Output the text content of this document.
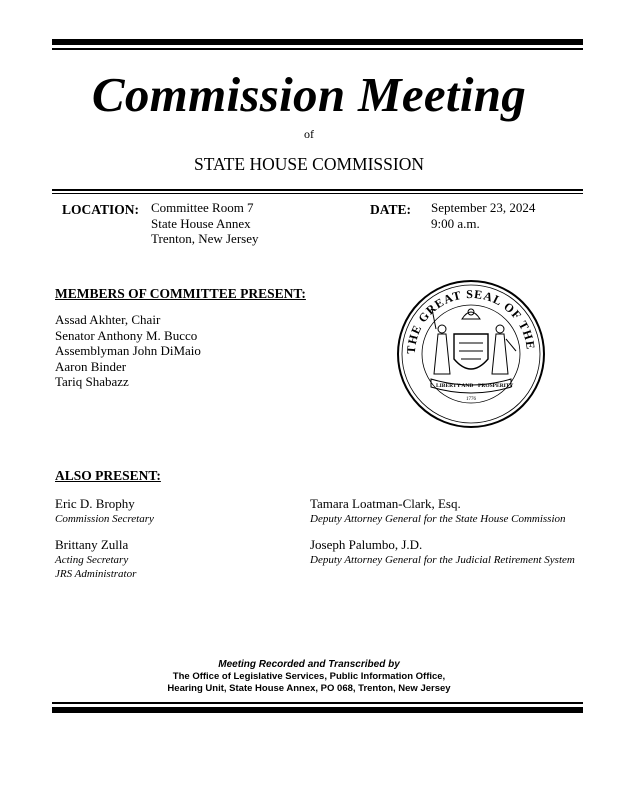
Commission Meeting
of
STATE HOUSE COMMISSION
LOCATION: Committee Room 7
State House Annex
Trenton, New Jersey
DATE: September 23, 2024
9:00 a.m.
MEMBERS OF COMMITTEE PRESENT:
Assad Akhter, Chair
Senator Anthony M. Bucco
Assemblyman John DiMaio
Aaron Binder
Tariq Shabazz
THE GREAT SEAL OF THE
LIBERTY AND PROSPERITY
1776
ALSO PRESENT:
Eric D. Brophy
Commission Secretary
Brittany Zulla
Acting Secretary
JRS Administrator
Tamara Loatman-Clark, Esq.
Deputy Attorney General for the State House Commission
Joseph Palumbo, J.D.
Deputy Attorney General for the Judicial Retirement System
Meeting Recorded and Transcribed by
The Office of Legislative Services, Public Information Office,
Hearing Unit, State House Annex, PO 068, Trenton, New Jersey
